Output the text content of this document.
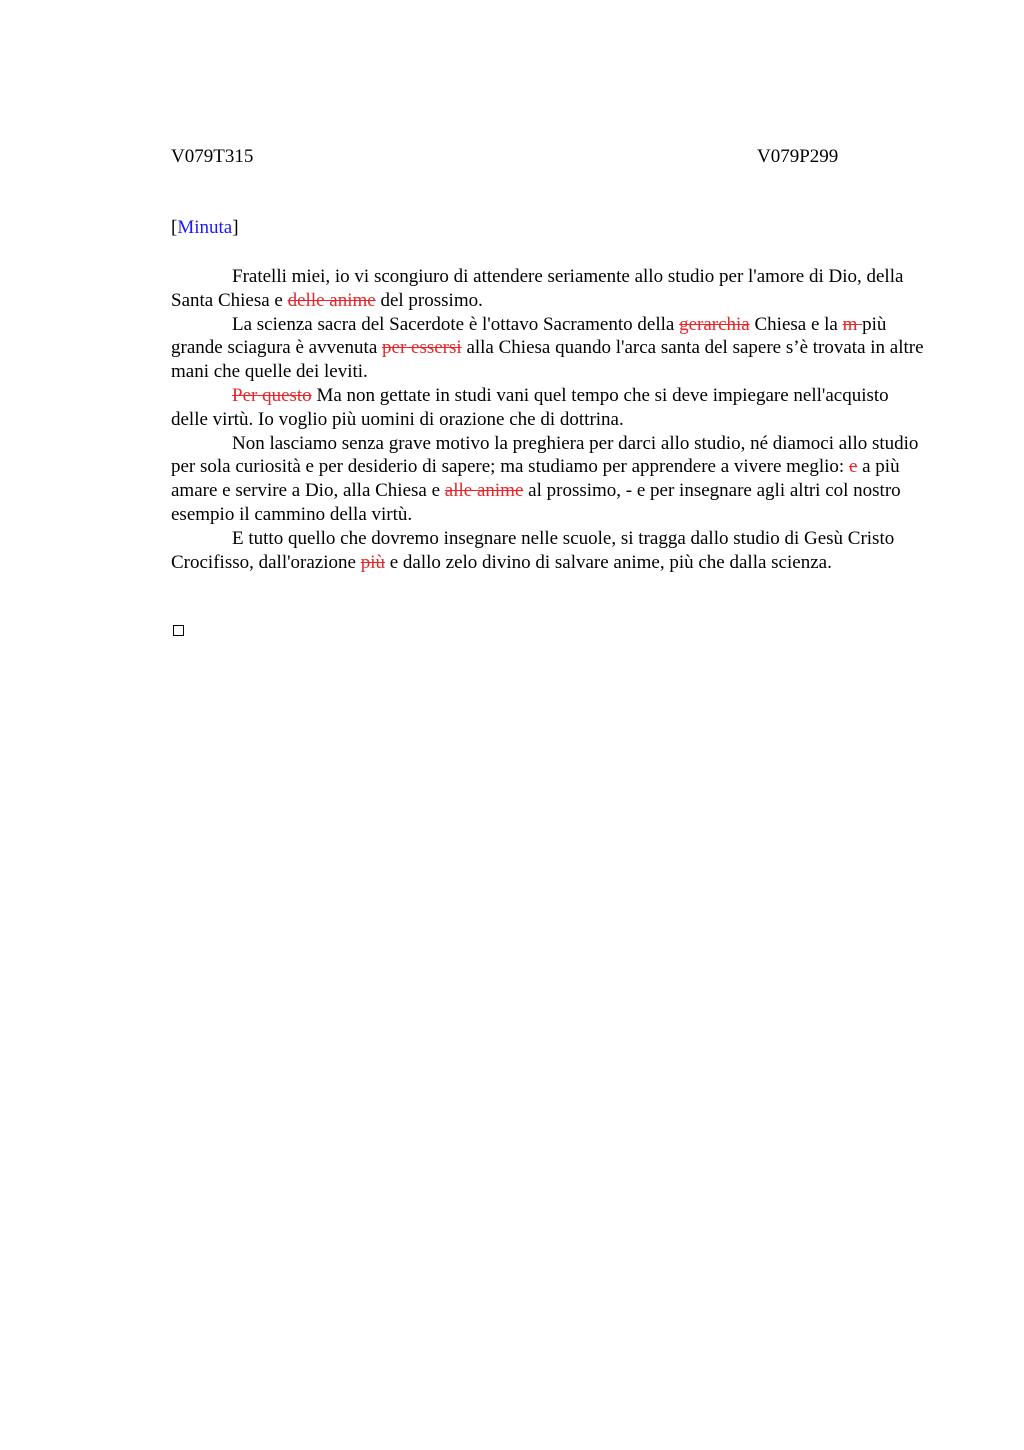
V079T315	V079P299
[Minuta]

Fratelli miei, io vi scongiuro di attendere seriamente allo studio per l'amore di Dio, della Santa Chiesa e delle anime del prossimo.

La scienza sacra del Sacerdote è l'ottavo Sacramento della gerarchia Chiesa e la m più grande sciagura è avvenuta per essersi alla Chiesa quando l'arca santa del sapere s’è trovata in altre mani che quelle dei leviti.

Per questo Ma non gettate in studi vani quel tempo che si deve impiegare nell'acquisto delle virtù. Io voglio più uomini di orazione che di dottrina.

Non lasciamo senza grave motivo la preghiera per darci allo studio, né diamoci allo studio per sola curiosità e per desiderio di sapere; ma studiamo per apprendere a vivere meglio: e a più amare e servire a Dio, alla Chiesa e alle anime al prossimo, - e per insegnare agli altri col nostro esempio il cammino della virtù.

E tutto quello che dovremo insegnare nelle scuole, si tragga dallo studio di Gesù Cristo Crocifisso, dall'orazione più e dallo zelo divino di salvare anime, più che dalla scienza.
